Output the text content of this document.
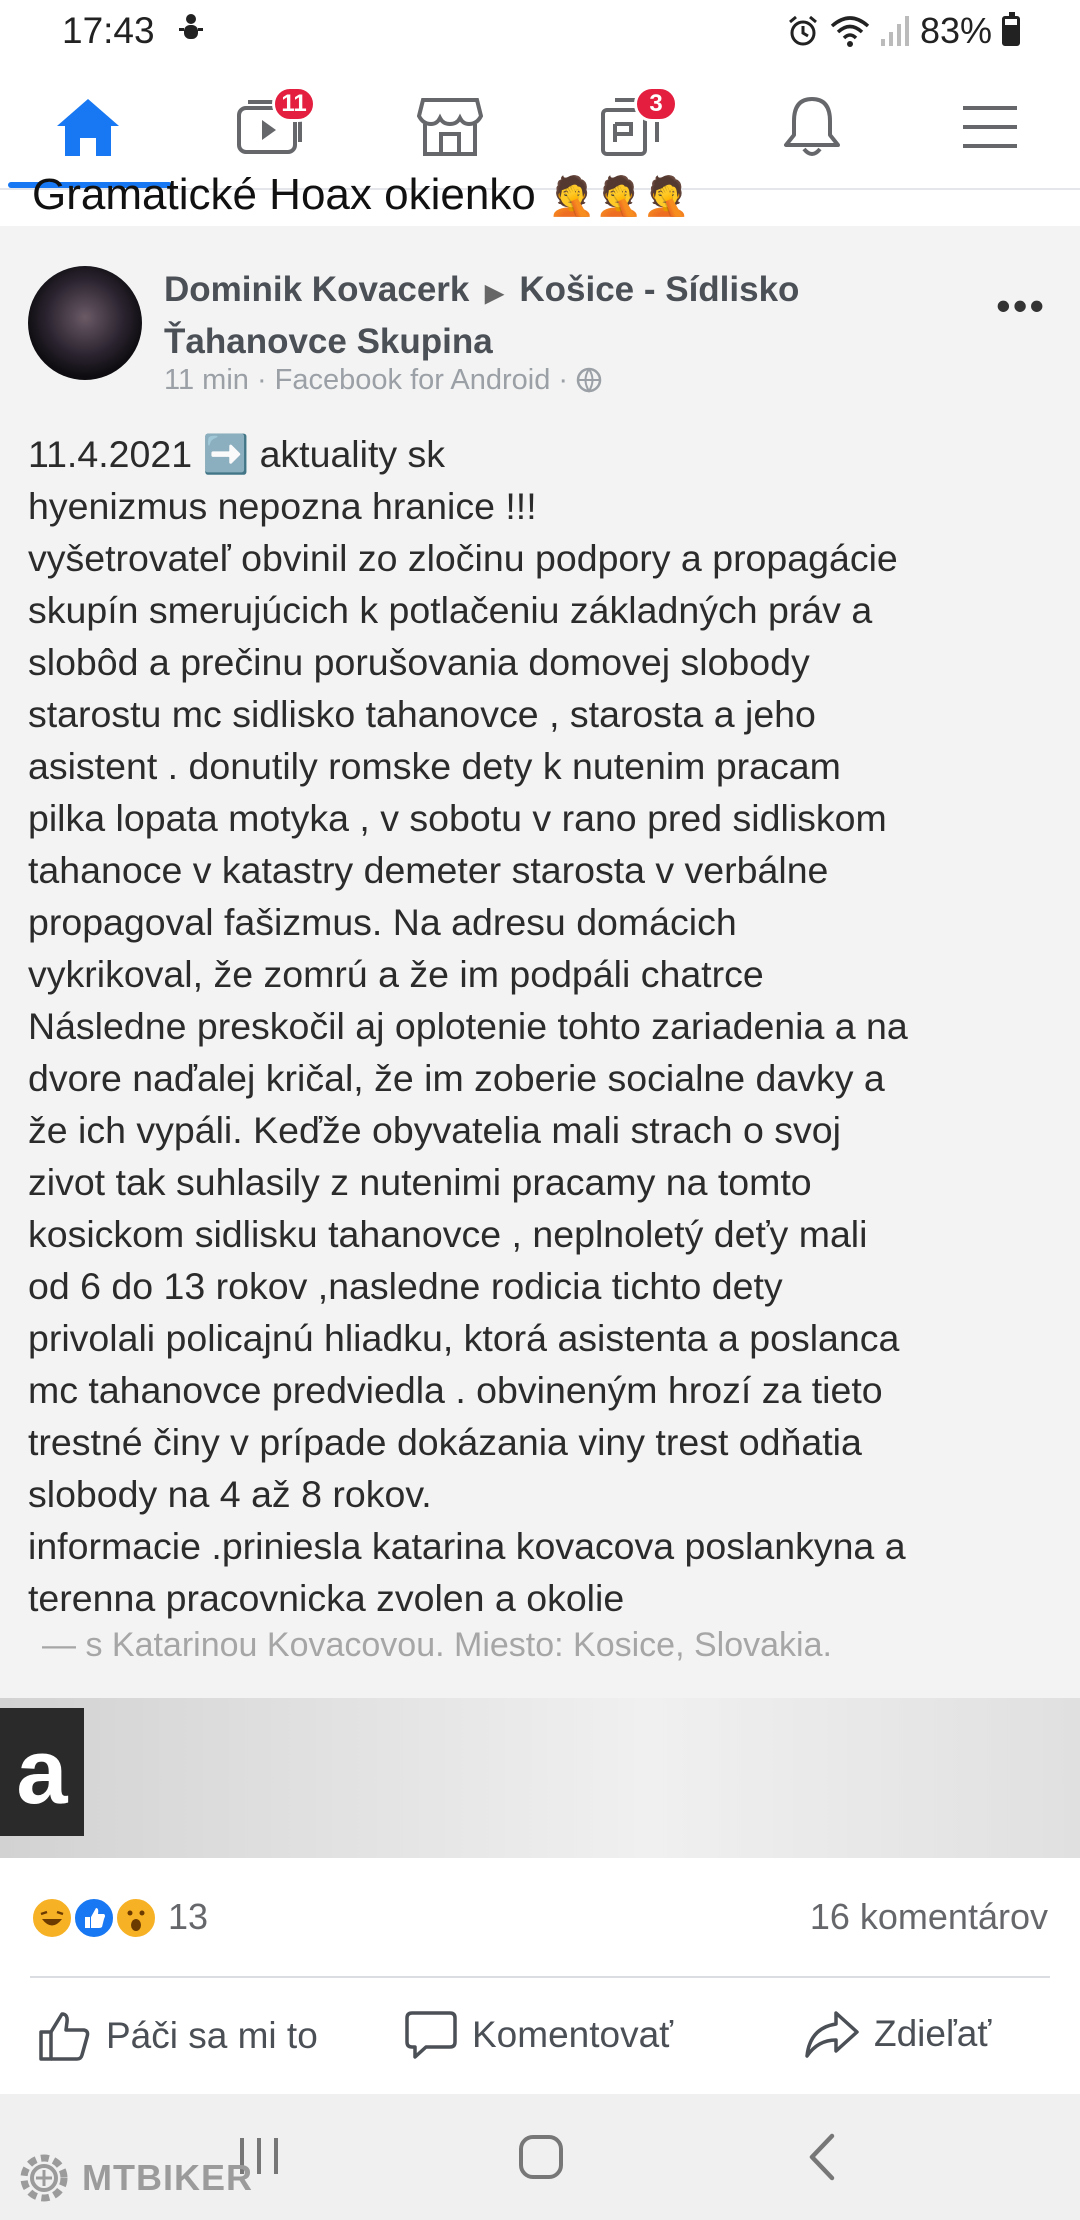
17:43	83%
11	3
Gramatické Hoax okienko 🤦🤦🤦
Dominik Kovacerk ▶ Košice - Sídlisko Ťahanovce Skupina
11 min · Facebook for Android ·
•••
11.4.2021 ➡️ aktuality sk
hyenizmus nepozna hranice !!!
vyšetrovateľ obvinil zo zločinu podpory a propagácie
skupín smerujúcich k potlačeniu základných práv a
slobôd a prečinu porušovania domovej slobody
starostu mc sidlisko tahanovce , starosta a jeho
asistent . donutily romske dety k nutenim pracam
pilka lopata motyka , v sobotu v rano pred sidliskom
tahanoce v katastry demeter starosta v verbálne
propagoval fašizmus. Na adresu domácich
vykrikoval, že zomrú a že im podpáli chatrce
Následne preskočil aj oplotenie tohto zariadenia a na
dvore naďalej kričal, že im zoberie socialne davky a
že ich vypáli. Keďže obyvatelia mali strach o svoj
zivot tak suhlasily z nutenimi pracamy na tomto
kosickom sidlisku tahanovce , neplnoletý deťy mali
od 6 do 13 rokov ,nasledne rodicia tichto dety
privolali policajnú hliadku, ktorá asistenta a poslanca
mc tahanovce predviedla . obvineným hrozí za tieto
trestné činy v prípade dokázania viny trest odňatia
slobody na 4 až 8 rokov.
informacie .priniesla katarina kovacova poslankyna a
terenna pracovnicka zvolen a okolie
— s Katarinou Kovacovou. Miesto: Kosice, Slovakia.
a
13	16 komentárov
Páči sa mi to	Komentovať	Zdieľať
MTBIKER
